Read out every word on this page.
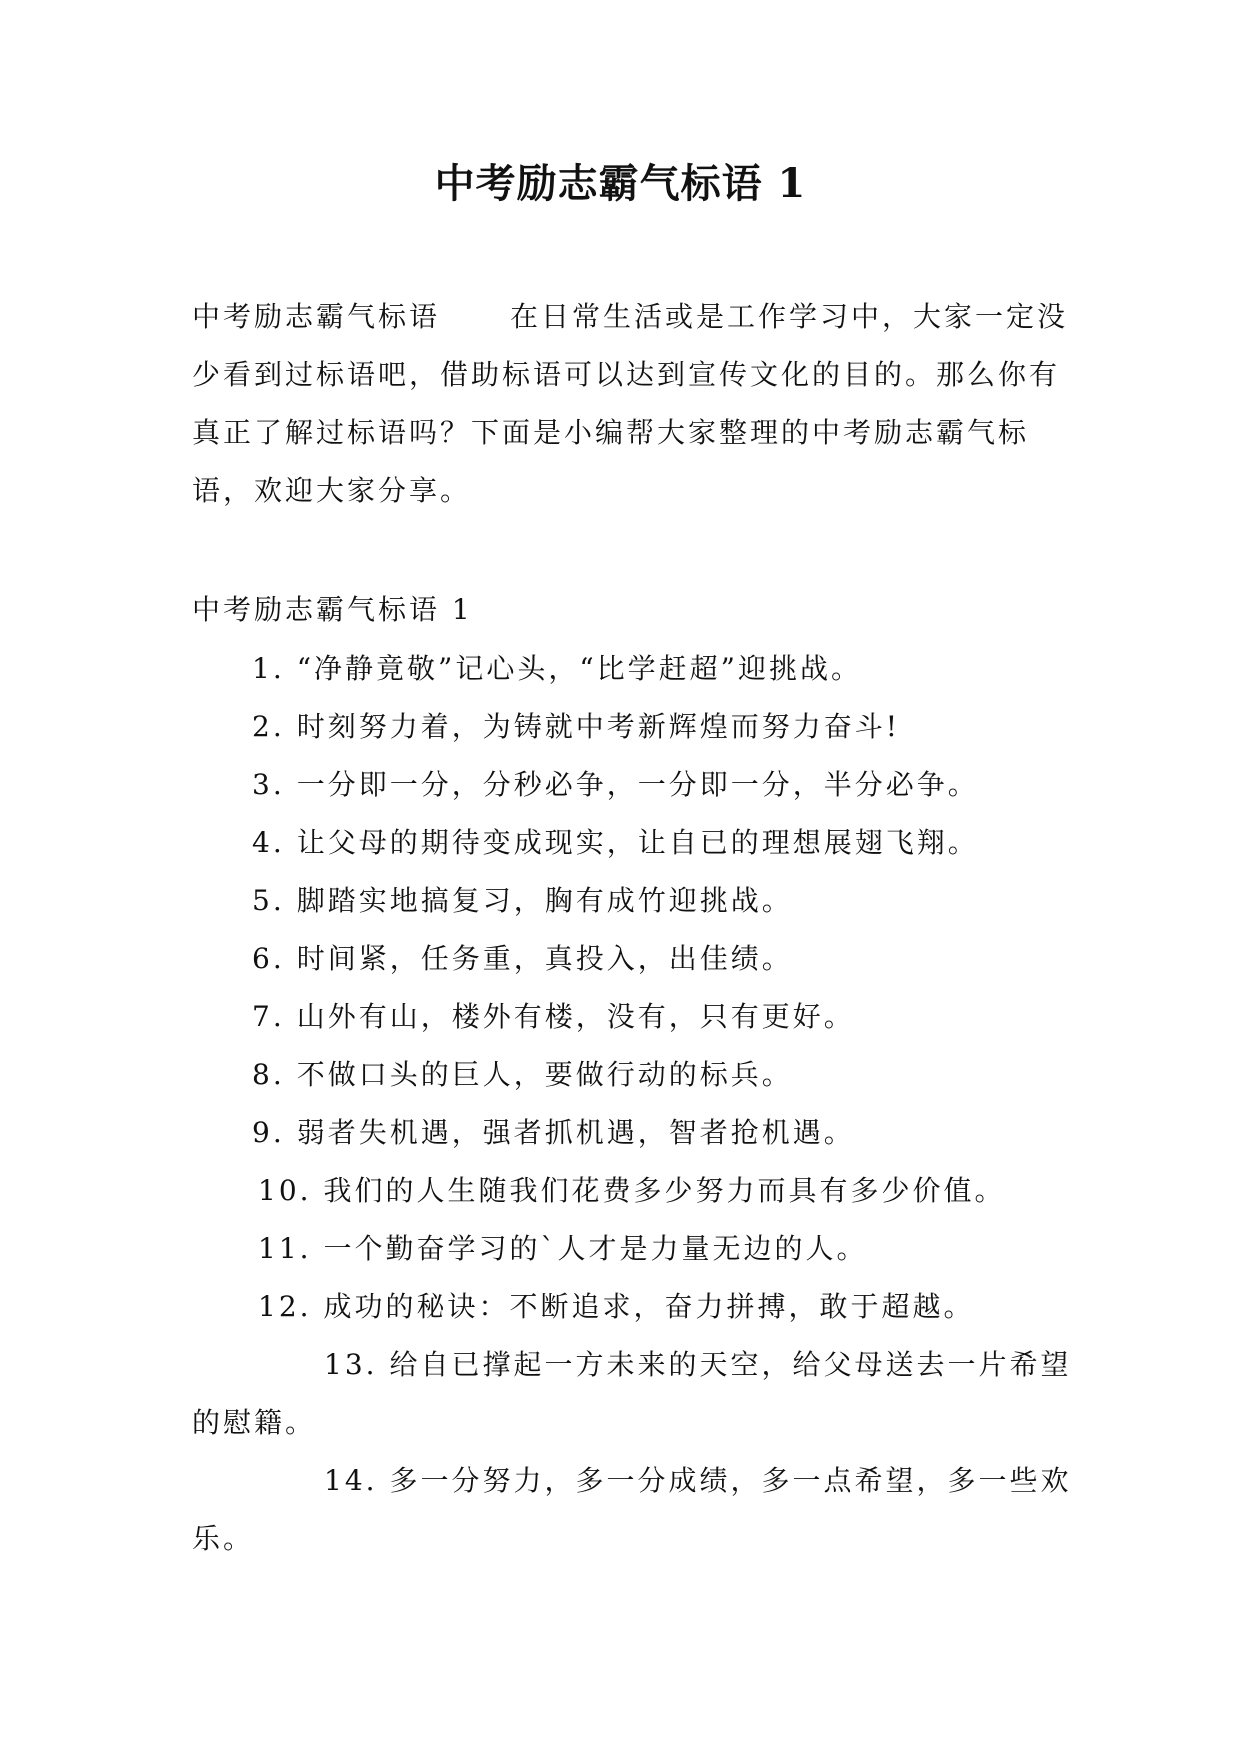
中考励志霸气标语 1
中考励志霸气标语	在日常生活或是工作学习中，大家一定没少看到过标语吧，借助标语可以达到宣传文化的目的。那么你有真正了解过标语吗？下面是小编帮大家整理的中考励志霸气标语，欢迎大家分享。
中考励志霸气标语 1

1. “净静竟敬”记心头，“比学赶超”迎挑战。

2. 时刻努力着，为铸就中考新辉煌而努力奋斗!

3. 一分即一分，分秒必争，一分即一分，半分必争。

4. 让父母的期待变成现实，让自已的理想展翅飞翔。

5. 脚踏实地搞复习，胸有成竹迎挑战。

6. 时间紧，任务重，真投入，出佳绩。

7. 山外有山，楼外有楼，没有，只有更好。

8. 不做口头的巨人，要做行动的标兵。

9. 弱者失机遇，强者抓机遇，智者抢机遇。

10. 我们的人生随我们花费多少努力而具有多少价值。

11. 一个勤奋学习的`人才是力量无边的人。

12. 成功的秘诀：不断追求，奋力拼搏，敢于超越。

13. 给自已撑起一方未来的天空，给父母送去一片希望的慰籍。

14. 多一分努力，多一分成绩，多一点希望，多一些欢乐。
